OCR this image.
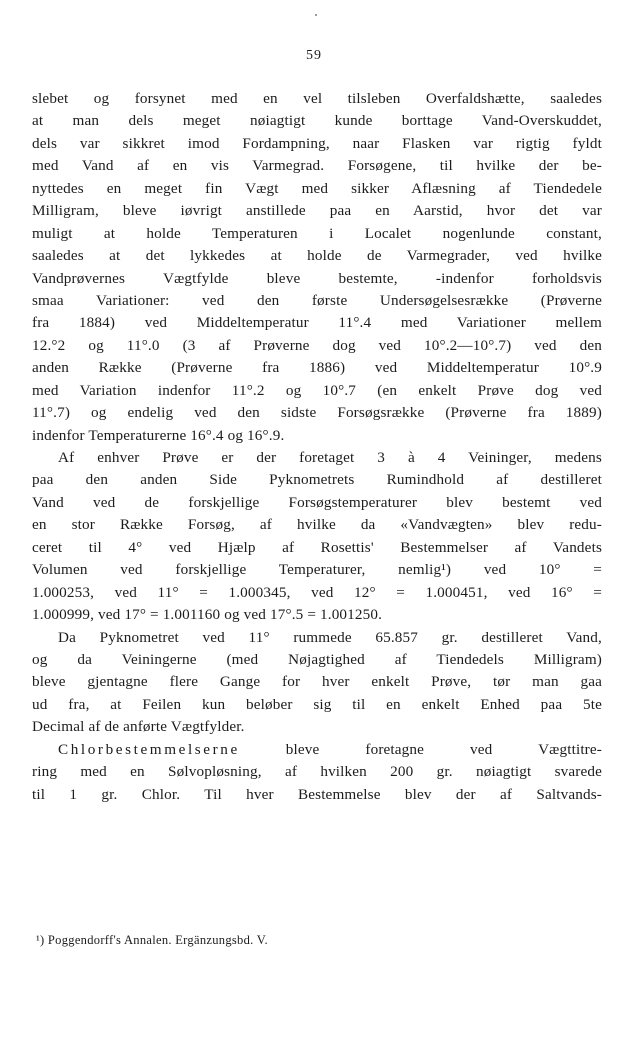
59
slebet og forsynet med en vel tilsleben Overfaldshætte, saaledes
at man dels meget nøiagtigt kunde borttage Vand-Overskuddet,
dels var sikkret imod Fordampning, naar Flasken var rigtig fyldt
med Vand af en vis Varmegrad. Forsøgene, til hvilke der be-
nyttedes en meget fin Vægt med sikker Aflæsning af Tiendedele
Milligram, bleve iøvrigt anstillede paa en Aarstid, hvor det var
muligt at holde Temperaturen i Localet nogenlunde constant,
saaledes at det lykkedes at holde de Varmegrader, ved hvilke
Vandprøvernes Vægtfylde bleve bestemte, -indenfor forholdsvis
smaa Variationer: ved den første Undersøgelsesrække (Prøverne
fra 1884) ved Middeltemperatur 11°.4 med Variationer mellem
12.°2 og 11°.0 (3 af Prøverne dog ved 10°.2—10°.7) ved den
anden Række (Prøverne fra 1886) ved Middeltemperatur 10°.9
med Variation indenfor 11°.2 og 10°.7 (en enkelt Prøve dog ved
11°.7) og endelig ved den sidste Forsøgsrække (Prøverne fra 1889)
indenfor Temperaturerne 16°.4 og 16°.9.
Af enhver Prøve er der foretaget 3 à 4 Veininger, medens
paa den anden Side Pyknometrets Rumindhold af destilleret
Vand ved de forskjellige Forsøgstemperaturer blev bestemt ved
en stor Række Forsøg, af hvilke da «Vandvægten» blev redu-
ceret til 4° ved Hjælp af Rosettis' Bestemmelser af Vandets
Volumen ved forskjellige Temperaturer, nemlig¹) ved 10° =
1.000253, ved 11° = 1.000345, ved 12° = 1.000451, ved 16° =
1.000999, ved 17° = 1.001160 og ved 17°.5 = 1.001250.
Da Pyknometret ved 11° rummede 65.857 gr. destilleret Vand,
og da Veiningerne (med Nøjagtighed af Tiendedels Milligram)
bleve gjentagne flere Gange for hver enkelt Prøve, tør man gaa
ud fra, at Feilen kun beløber sig til en enkelt Enhed paa 5te
Decimal af de anførte Vægtfylder.
Chlorbestemmelserne bleve foretagne ved Vægttitre-
ring med en Sølvopløsning, af hvilken 200 gr. nøiagtigt svarede
til 1 gr. Chlor. Til hver Bestemmelse blev der af Saltvands-
¹) Poggendorff's Annalen. Ergänzungsbd. V.
